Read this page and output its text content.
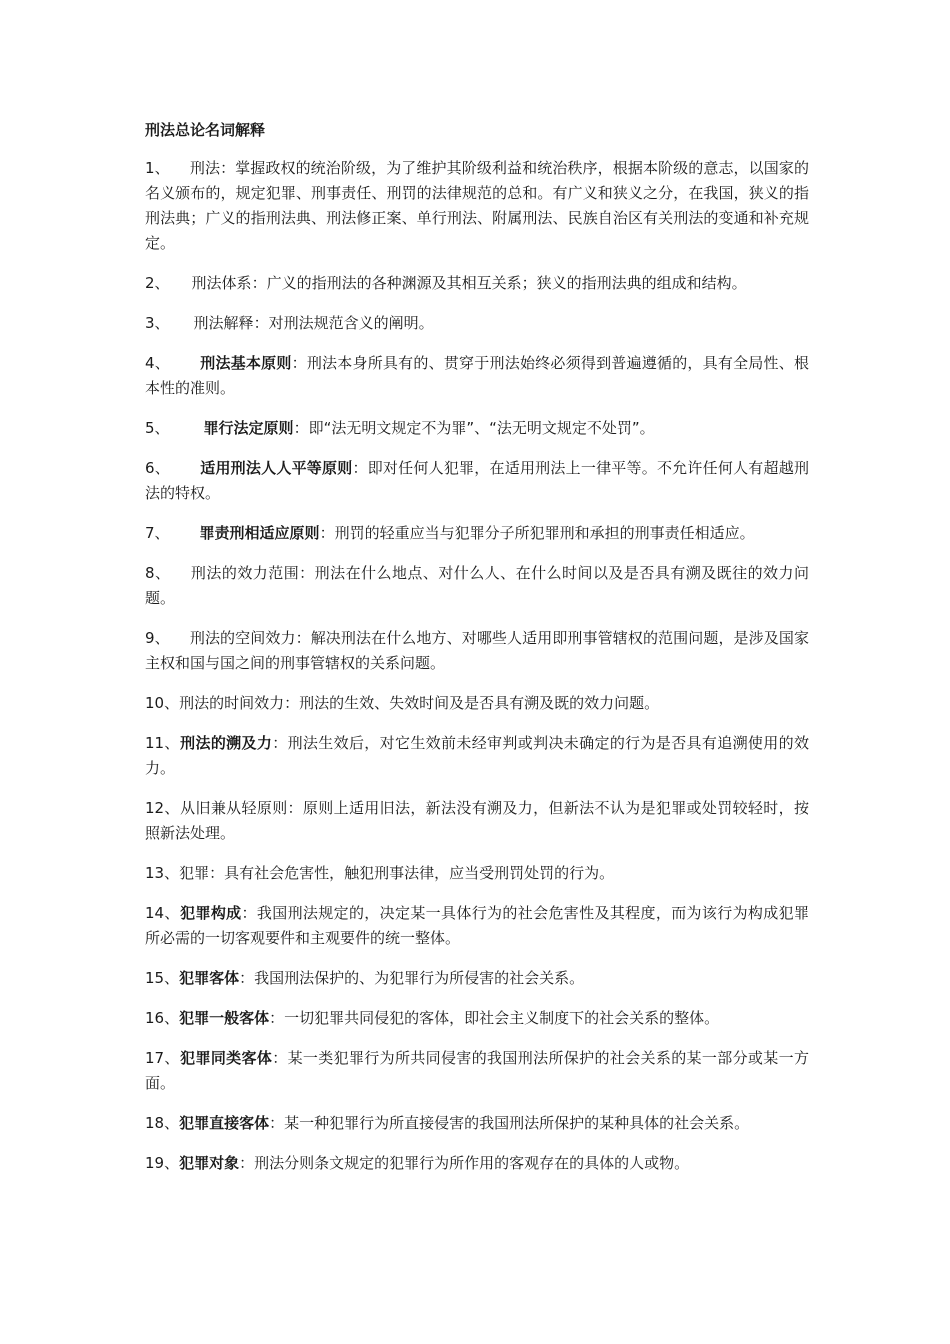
刑法总论名词解释
1、 刑法：掌握政权的统治阶级，为了维护其阶级利益和统治秩序，根据本阶级的意志，以国家的名义颁布的，规定犯罪、刑事责任、刑罚的法律规范的总和。有广义和狭义之分，在我国，狭义的指刑法典；广义的指刑法典、刑法修正案、单行刑法、附属刑法、民族自治区有关刑法的变通和补充规定。
2、 刑法体系：广义的指刑法的各种渊源及其相互关系；狭义的指刑法典的组成和结构。
3、 刑法解释：对刑法规范含义的阐明。
4、 刑法基本原则：刑法本身所具有的、贯穿于刑法始终必须得到普遍遵循的，具有全局性、根本性的准则。
5、 罪行法定原则：即“法无明文规定不为罪”、“法无明文规定不处罚”。
6、 适用刑法人人平等原则：即对任何人犯罪，在适用刑法上一律平等。不允许任何人有超越刑法的特权。
7、 罪责刑相适应原则：刑罚的轻重应当与犯罪分子所犯罪刑和承担的刑事责任相适应。
8、 刑法的效力范围：刑法在什么地点、对什么人、在什么时间以及是否具有溯及既往的效力问题。
9、 刑法的空间效力：解决刑法在什么地方、对哪些人适用即刑事管辖权的范围问题，是涉及国家主权和国与国之间的刑事管辖权的关系问题。
10、刑法的时间效力：刑法的生效、失效时间及是否具有溯及既的效力问题。
11、刑法的溯及力：刑法生效后，对它生效前未经审判或判决未确定的行为是否具有追溯使用的效力。
12、从旧兼从轻原则：原则上适用旧法，新法没有溯及力，但新法不认为是犯罪或处罚较轻时，按照新法处理。
13、犯罪：具有社会危害性，触犯刑事法律，应当受刑罚处罚的行为。
14、犯罪构成：我国刑法规定的，决定某一具体行为的社会危害性及其程度，而为该行为构成犯罪所必需的一切客观要件和主观要件的统一整体。
15、犯罪客体：我国刑法保护的、为犯罪行为所侵害的社会关系。
16、犯罪一般客体：一切犯罪共同侵犯的客体，即社会主义制度下的社会关系的整体。
17、犯罪同类客体：某一类犯罪行为所共同侵害的我国刑法所保护的社会关系的某一部分或某一方面。
18、犯罪直接客体：某一种犯罪行为所直接侵害的我国刑法所保护的某种具体的社会关系。
19、犯罪对象：刑法分则条文规定的犯罪行为所作用的客观存在的具体的人或物。
